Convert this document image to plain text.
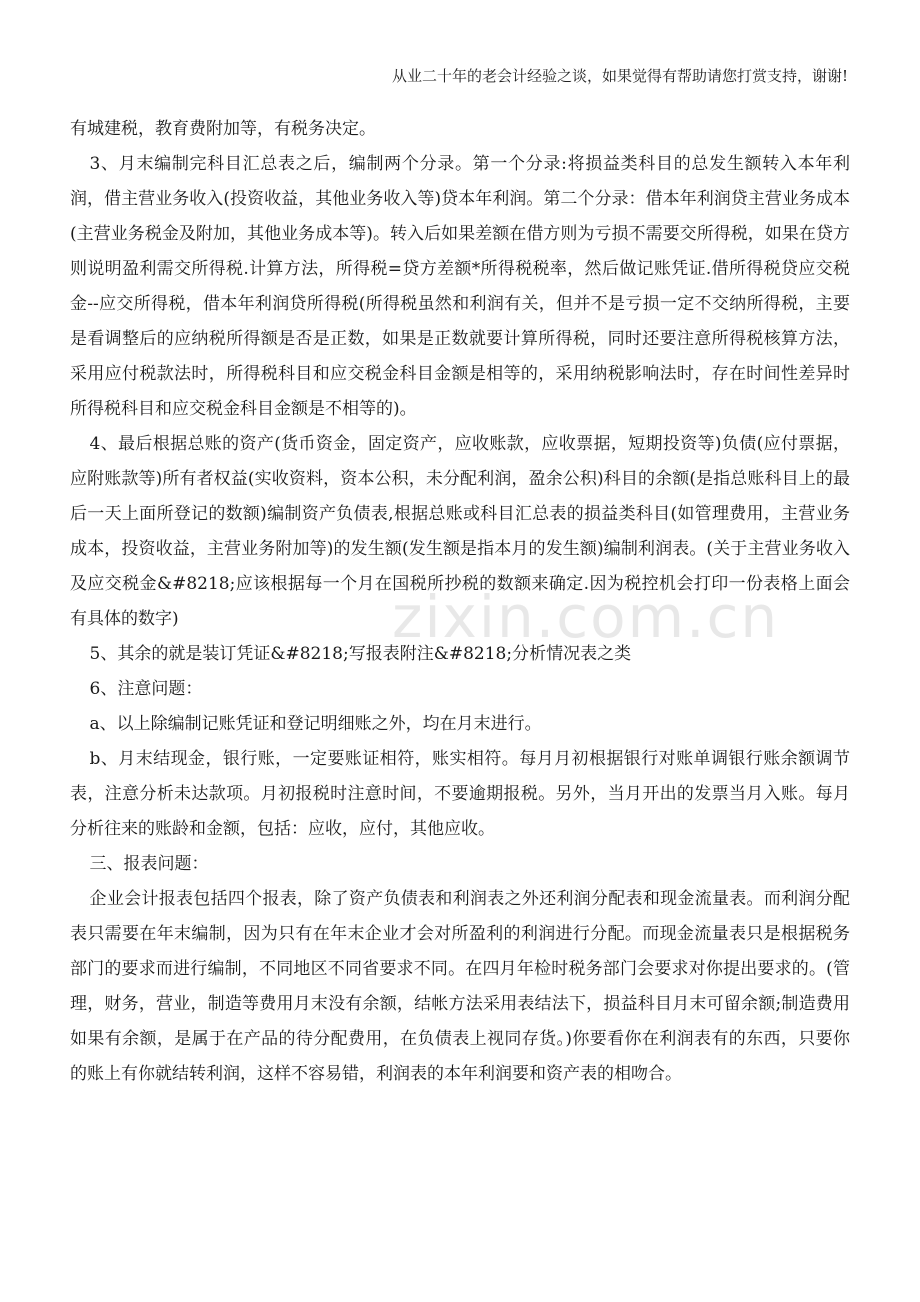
从业二十年的老会计经验之谈，如果觉得有帮助请您打赏支持，谢谢!
zixin.com.cn

有城建税，教育费附加等，有税务决定。

3、月末编制完科目汇总表之后，编制两个分录。第一个分录:将损益类科目的总发生额转入本年利润，借主营业务收入(投资收益，其他业务收入等)贷本年利润。第二个分录：借本年利润贷主营业务成本(主营业务税金及附加，其他业务成本等)。转入后如果差额在借方则为亏损不需要交所得税，如果在贷方则说明盈利需交所得税.计算方法，所得税=贷方差额*所得税税率，然后做记账凭证.借所得税贷应交税金--应交所得税，借本年利润贷所得税(所得税虽然和利润有关，但并不是亏损一定不交纳所得税，主要是看调整后的应纳税所得额是否是正数，如果是正数就要计算所得税，同时还要注意所得税核算方法，采用应付税款法时，所得税科目和应交税金科目金额是相等的，采用纳税影响法时，存在时间性差异时所得税科目和应交税金科目金额是不相等的)。

4、最后根据总账的资产(货币资金，固定资产，应收账款，应收票据，短期投资等)负债(应付票据，应附账款等)所有者权益(实收资料，资本公积，未分配利润，盈余公积)科目的余额(是指总账科目上的最后一天上面所登记的数额)编制资产负债表,根据总账或科目汇总表的损益类科目(如管理费用，主营业务成本，投资收益，主营业务附加等)的发生额(发生额是指本月的发生额)编制利润表。(关于主营业务收入及应交税金&#8218;应该根据每一个月在国税所抄税的数额来确定.因为税控机会打印一份表格上面会有具体的数字)

5、其余的就是装订凭证&#8218;写报表附注&#8218;分析情况表之类

6、注意问题：

a、以上除编制记账凭证和登记明细账之外，均在月末进行。

b、月末结现金，银行账，一定要账证相符，账实相符。每月月初根据银行对账单调银行账余额调节表，注意分析未达款项。月初报税时注意时间，不要逾期报税。另外，当月开出的发票当月入账。每月分析往来的账龄和金额，包括：应收，应付，其他应收。

三、报表问题：

企业会计报表包括四个报表，除了资产负债表和利润表之外还利润分配表和现金流量表。而利润分配表只需要在年末编制，因为只有在年末企业才会对所盈利的利润进行分配。而现金流量表只是根据税务部门的要求而进行编制，不同地区不同省要求不同。在四月年检时税务部门会要求对你提出要求的。(管理，财务，营业，制造等费用月末没有余额，结帐方法采用表结法下，损益科目月末可留余额;制造费用如果有余额，是属于在产品的待分配费用，在负债表上视同存货。)你要看你在利润表有的东西，只要你的账上有你就结转利润，这样不容易错，利润表的本年利润要和资产表的相吻合。
